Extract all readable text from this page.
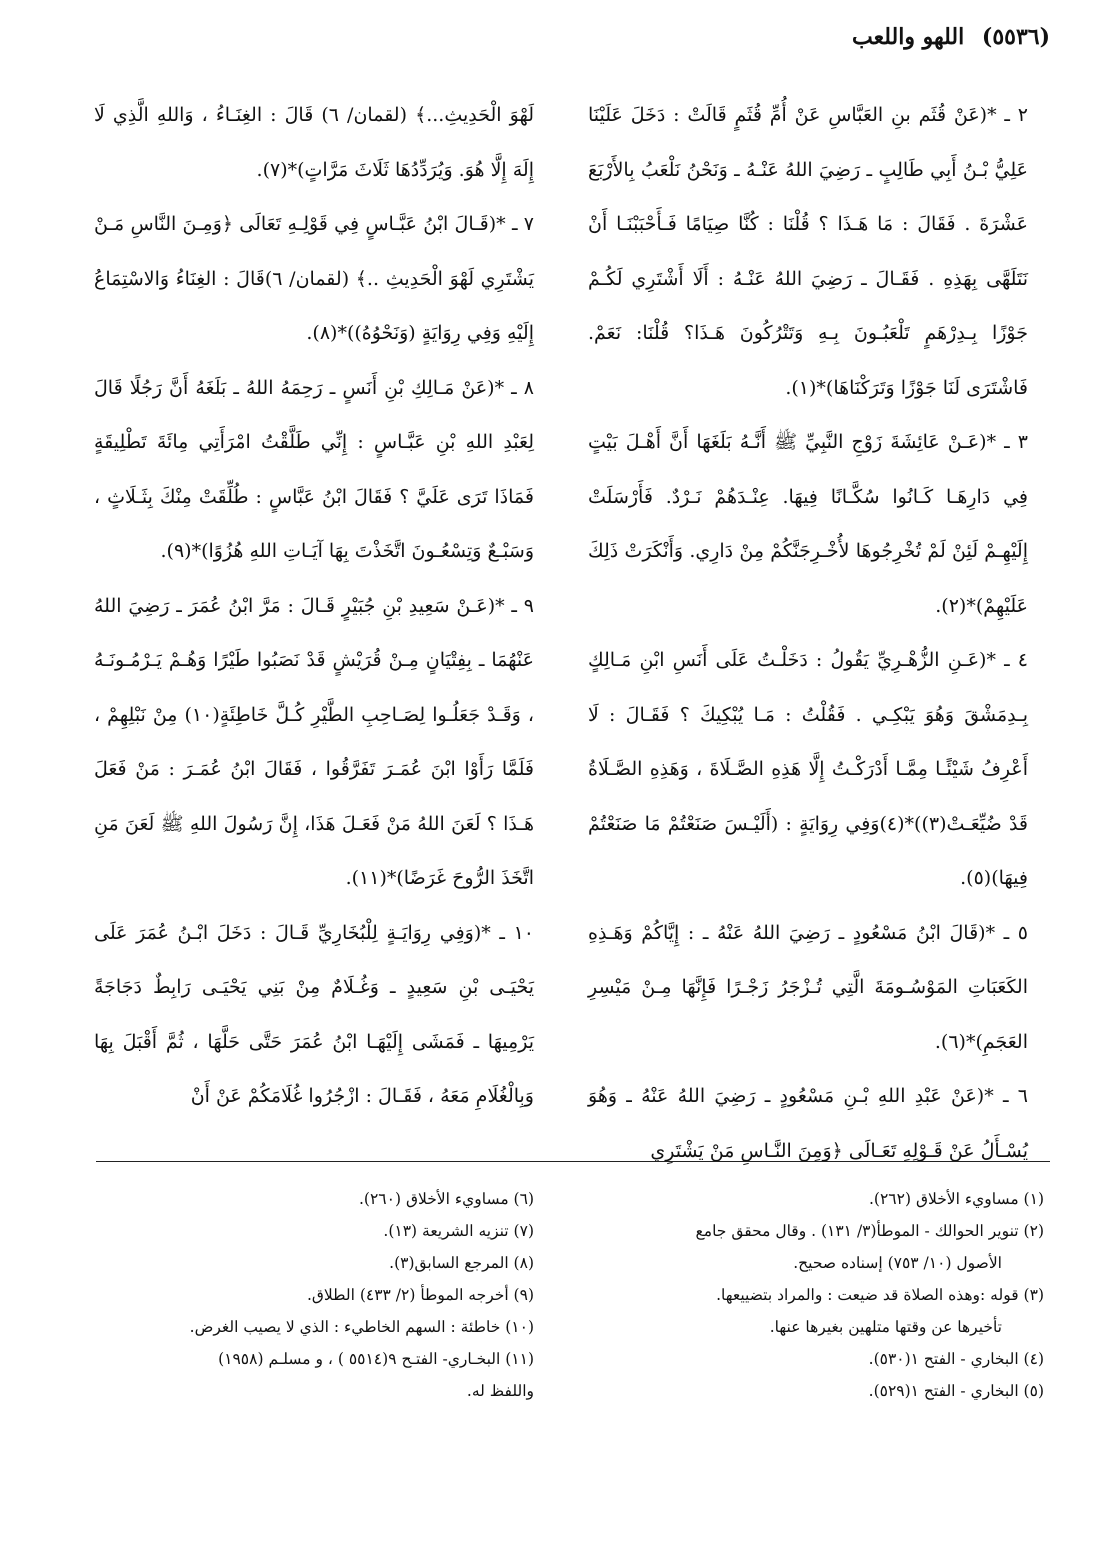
(٥٥٣٦) اللهو واللعب

٢ ـ *(عَنْ قُثَم بنِ العَبَّاسِ عَنْ أُمِّ قُثَمٍ قَالَتْ : دَخَلَ عَلَيْنَا عَلِيُّ بْـنُ أَبِي طَالِبٍ ـ رَضِيَ اللهُ عَنْـهُ ـ وَنَحْنُ نَلْعَبُ بِالأَرْبَعَ عَشْرَةَ . فَقَالَ : مَا هَـذَا ؟ قُلْنَا : كُنَّا صِيَامًا فَـأَحْبَبْنَـا أَنْ نَتَلَهَّى بِهَذِهِ . فَقَـالَ ـ رَضِيَ اللهُ عَنْـهُ : أَلَا أَشْتَرِي لَكُـمْ جَوْزًا بِـدِرْهَمٍ تَلْعَبُـونَ بِـهِ وَتَتْرُكُونَ هَـذَا؟ قُلْنَا: نَعَمْ. فَاشْتَرَى لَنَا جَوْزًا وَتَرَكْنَاهَا)*(١).

٣ ـ *(عَـنْ عَائِشَةَ زَوْجِ النَّبِيِّ ﷺ أَنَّـهُ بَلَغَهَا أَنَّ أَهْـلَ بَيْتٍ فِي دَارِهَـا كَـانُوا سُكَّـانًا فِيهَا. عِنْـدَهُمْ نَـرْدٌ. فَأَرْسَلَتْ إِلَيْهِـمْ لَئِنْ لَمْ تُخْرِجُوهَا لأُخْـرِجَنَّكُمْ مِنْ دَارِي. وَأَنْكَرَتْ ذَلِكَ عَلَيْهِمْ)*(٢).

٤ ـ *(عَـنِ الزُّهْـرِيِّ يَقُولُ : دَخَلْـتُ عَلَى أَنَسِ ابْنِ مَـالِكٍ بِـدِمَشْقَ وَهُوَ يَبْكِـي . فَقُلْتُ : مَـا يُبْكِيكَ ؟ فَقَـالَ : لَا أَعْرِفُ شَيْئًـا مِمَّـا أَدْرَكْـتُ إِلَّا هَذِهِ الصَّـلَاةَ ، وَهَذِهِ الصَّـلَاةُ قَدْ ضُيِّعَـتْ(٣))*(٤)وَفِي رِوَايَةٍ : (أَلَيْـسَ صَنَعْتُمْ مَا صَنَعْتُمْ فِيهَا)(٥).

٥ ـ *(قَالَ ابْنُ مَسْعُودٍ ـ رَضِيَ اللهُ عَنْهُ ـ : إِيَّاكُمْ وَهَـذِهِ الكَعَبَاتِ المَوْسُـومَةَ الَّتِي تُـزْجَرُ زَجْـرًا فَإِنَّهَا مِـنْ مَيْسِرِ العَجَمِ)*(٦).

٦ ـ *(عَنْ عَبْدِ اللهِ بْـنِ مَسْعُودٍ ـ رَضِيَ اللهُ عَنْهُ ـ وَهُوَ يُسْـأَلُ عَنْ قَـوْلِهِ تَعَـالَى ﴿وَمِنَ النَّـاسِ مَنْ يَشْتَرِي

لَهْوَ الْحَدِيثِ...﴾ (لقمان/ ٦) قَالَ : الغِنَـاءُ ، وَاللهِ الَّذِي لَا إِلَهَ إِلَّا هُوَ. وَيُرَدِّدُهَا ثَلَاثَ مَرَّاتٍ)*(٧).

٧ ـ *(قَـالَ ابْنُ عَبَّـاسٍ فِي قَوْلِـهِ تَعَالَى ﴿وَمِـنَ النَّاسِ مَـنْ يَشْتَرِي لَهْوَ الْحَدِيثِ ..﴾ (لقمان/ ٦)قَالَ : الغِنَاءُ وَالاسْتِمَاعُ إِلَيْهِ وَفِي رِوَايَةٍ (وَنَحْوُهُ))*(٨).

٨ ـ *(عَنْ مَـالِكِ بْنِ أَنَسٍ ـ رَحِمَهُ اللهُ ـ بَلَغَهُ أَنَّ رَجُلًا قَالَ لِعَبْدِ اللهِ بْنِ عَبَّـاسٍ : إِنِّي طَلَّقْتُ امْرَأَتِي مِائَةَ تَطْلِيقَةٍ فَمَاذَا تَرَى عَلَيَّ ؟ فَقَالَ ابْنُ عَبَّاسٍ : طُلِّقَتْ مِنْكَ بِثَـلَاثٍ ، وَسَبْـعٌ وَتِسْعُـونَ اتَّخَذْتَ بِهَا آيَـاتِ اللهِ هُزُوًا)*(٩).

٩ ـ *(عَـنْ سَعِيدِ بْنِ جُبَيْرٍ قَـالَ : مَرَّ ابْنُ عُمَرَ ـ رَضِيَ اللهُ عَنْهُمَا ـ بِفِتْيَانٍ مِـنْ قُرَيْشٍ قَدْ نَصَبُوا طَيْرًا وَهُـمْ يَـرْمُـونَـهُ ، وَقَـدْ جَعَلُـوا لِصَـاحِبِ الطَّيْرِ كُـلَّ خَاطِئَةٍ(١٠) مِنْ نَبْلِهِمْ ، فَلَمَّا رَأَوْا ابْنَ عُمَـرَ تَفَرَّقُوا ، فَقَالَ ابْنُ عُمَـرَ : مَنْ فَعَلَ هَـذَا ؟ لَعَنَ اللهُ مَنْ فَعَـلَ هَذَا، إِنَّ رَسُولَ اللهِ ﷺ لَعَنَ مَنِ اتَّخَذَ الرُّوحَ غَرَضًا)*(١١).

١٠ ـ *(وَفِي رِوَايَـةٍ لِلْبُخَارِيِّ قَـالَ : دَخَلَ ابْـنُ عُمَرَ عَلَى يَحْيَـى بْنِ سَعِيدٍ ـ وَغُـلَامٌ مِنْ بَنِي يَحْيَـى رَابِطٌ دَجَاجَةً يَرْمِيهَا ـ فَمَشَى إِلَيْهَـا ابْنُ عُمَرَ حَتَّى حَلَّهَا ، ثُمَّ أَقْبَلَ بِهَا وَبِالْغُلَامِ مَعَهُ ، فَقَـالَ : ازْجُرُوا غُلَامَكُمْ عَنْ أَنْ

(١) مساويء الأخلاق (٢٦٢).
(٢) تنوير الحوالك - الموطأ(٣/ ١٣١) . وقال محقق جامع
الأصول (١٠/ ٧٥٣) إسناده صحيح.
(٣) قوله :وهذه الصلاة قد ضيعت : والمراد بتضييعها.
تأخيرها عن وقتها متلهين بغيرها عنها.
(٤) البخاري - الفتح ١(٥٣٠).
(٥) البخاري - الفتح ١(٥٢٩).
(٦) مساويء الأخلاق (٢٦٠).
(٧) تنزيه الشريعة (١٣).
(٨) المرجع السابق(٣).
(٩) أخرجه الموطأ (٢/ ٤٣٣) الطلاق.
(١٠) خاطئة : السهم الخاطيء : الذي لا يصيب الغرض.
(١١) البخـاري- الفتـح ٩(٥٥١٤ ) ، و مسلـم (١٩٥٨)
واللفظ له.
